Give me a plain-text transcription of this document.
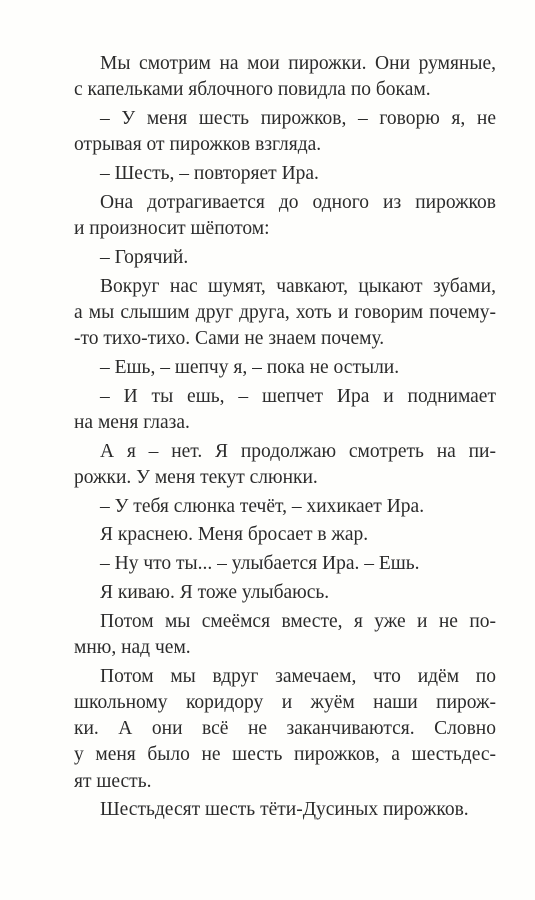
Мы смотрим на мои пирожки. Они румяные,
с капельками яблочного повидла по бокам.
– У меня шесть пирожков, – говорю я, не
отрывая от пирожков взгляда.
– Шесть, – повторяет Ира.
Она дотрагивается до одного из пирожков
и произносит шёпотом:
– Горячий.
Вокруг нас шумят, чавкают, цыкают зубами,
а мы слышим друг друга, хоть и говорим почему-
-то тихо-тихо. Сами не знаем почему.
– Ешь, – шепчу я, – пока не остыли.
– И ты ешь, – шепчет Ира и поднимает
на меня глаза.
А я – нет. Я продолжаю смотреть на пи-
рожки. У меня текут слюнки.
– У тебя слюнка течёт, – хихикает Ира.
Я краснею. Меня бросает в жар.
– Ну что ты... – улыбается Ира. – Ешь.
Я киваю. Я тоже улыбаюсь.
Потом мы смеёмся вместе, я уже и не по-
мню, над чем.
Потом мы вдруг замечаем, что идём по
школьному коридору и жуём наши пирож-
ки. А они всё не заканчиваются. Словно
у меня было не шесть пирожков, а шестьдес-
ят шесть.
Шестьдесят шесть тёти-Дусиных пирожков.
